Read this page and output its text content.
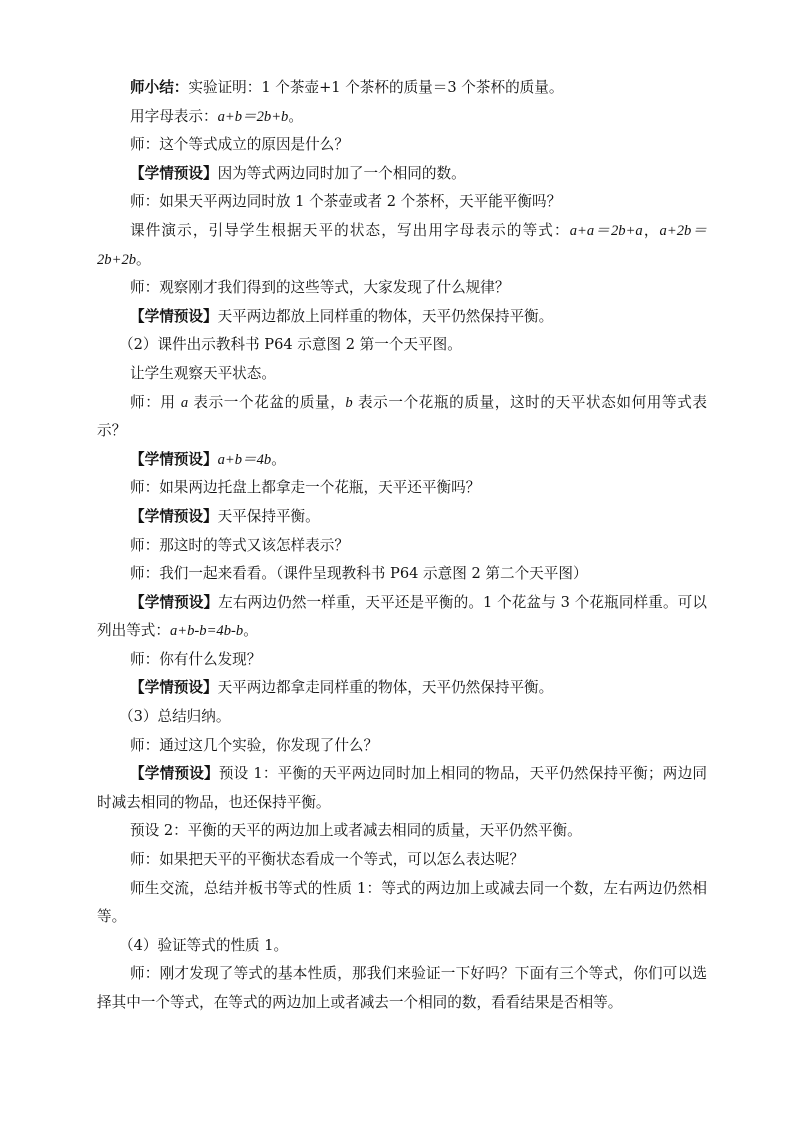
师小结：实验证明：1 个茶壶+1 个茶杯的质量＝3 个茶杯的质量。

用字母表示：a+b＝2b+b。

师：这个等式成立的原因是什么？

【学情预设】因为等式两边同时加了一个相同的数。

师：如果天平两边同时放 1 个茶壶或者 2 个茶杯，天平能平衡吗？

课件演示，引导学生根据天平的状态，写出用字母表示的等式：a+a＝2b+a，a+2b＝2b+2b。

师：观察刚才我们得到的这些等式，大家发现了什么规律？

【学情预设】天平两边都放上同样重的物体，天平仍然保持平衡。

（2）课件出示教科书 P64 示意图 2 第一个天平图。

让学生观察天平状态。

师：用 a 表示一个花盆的质量，b 表示一个花瓶的质量，这时的天平状态如何用等式表示？

【学情预设】a+b＝4b。

师：如果两边托盘上都拿走一个花瓶，天平还平衡吗？

【学情预设】天平保持平衡。

师：那这时的等式又该怎样表示？

师：我们一起来看看。（课件呈现教科书 P64 示意图 2 第二个天平图）

【学情预设】左右两边仍然一样重，天平还是平衡的。1 个花盆与 3 个花瓶同样重。可以列出等式：a+b-b=4b-b。

师：你有什么发现？

【学情预设】天平两边都拿走同样重的物体，天平仍然保持平衡。

（3）总结归纳。

师：通过这几个实验，你发现了什么？

【学情预设】预设 1：平衡的天平两边同时加上相同的物品，天平仍然保持平衡；两边同时减去相同的物品，也还保持平衡。

预设 2：平衡的天平的两边加上或者减去相同的质量，天平仍然平衡。

师：如果把天平的平衡状态看成一个等式，可以怎么表达呢？

师生交流，总结并板书等式的性质 1：等式的两边加上或减去同一个数，左右两边仍然相等。

（4）验证等式的性质 1。

师：刚才发现了等式的基本性质，那我们来验证一下好吗？下面有三个等式，你们可以选择其中一个等式，在等式的两边加上或者减去一个相同的数，看看结果是否相等。
